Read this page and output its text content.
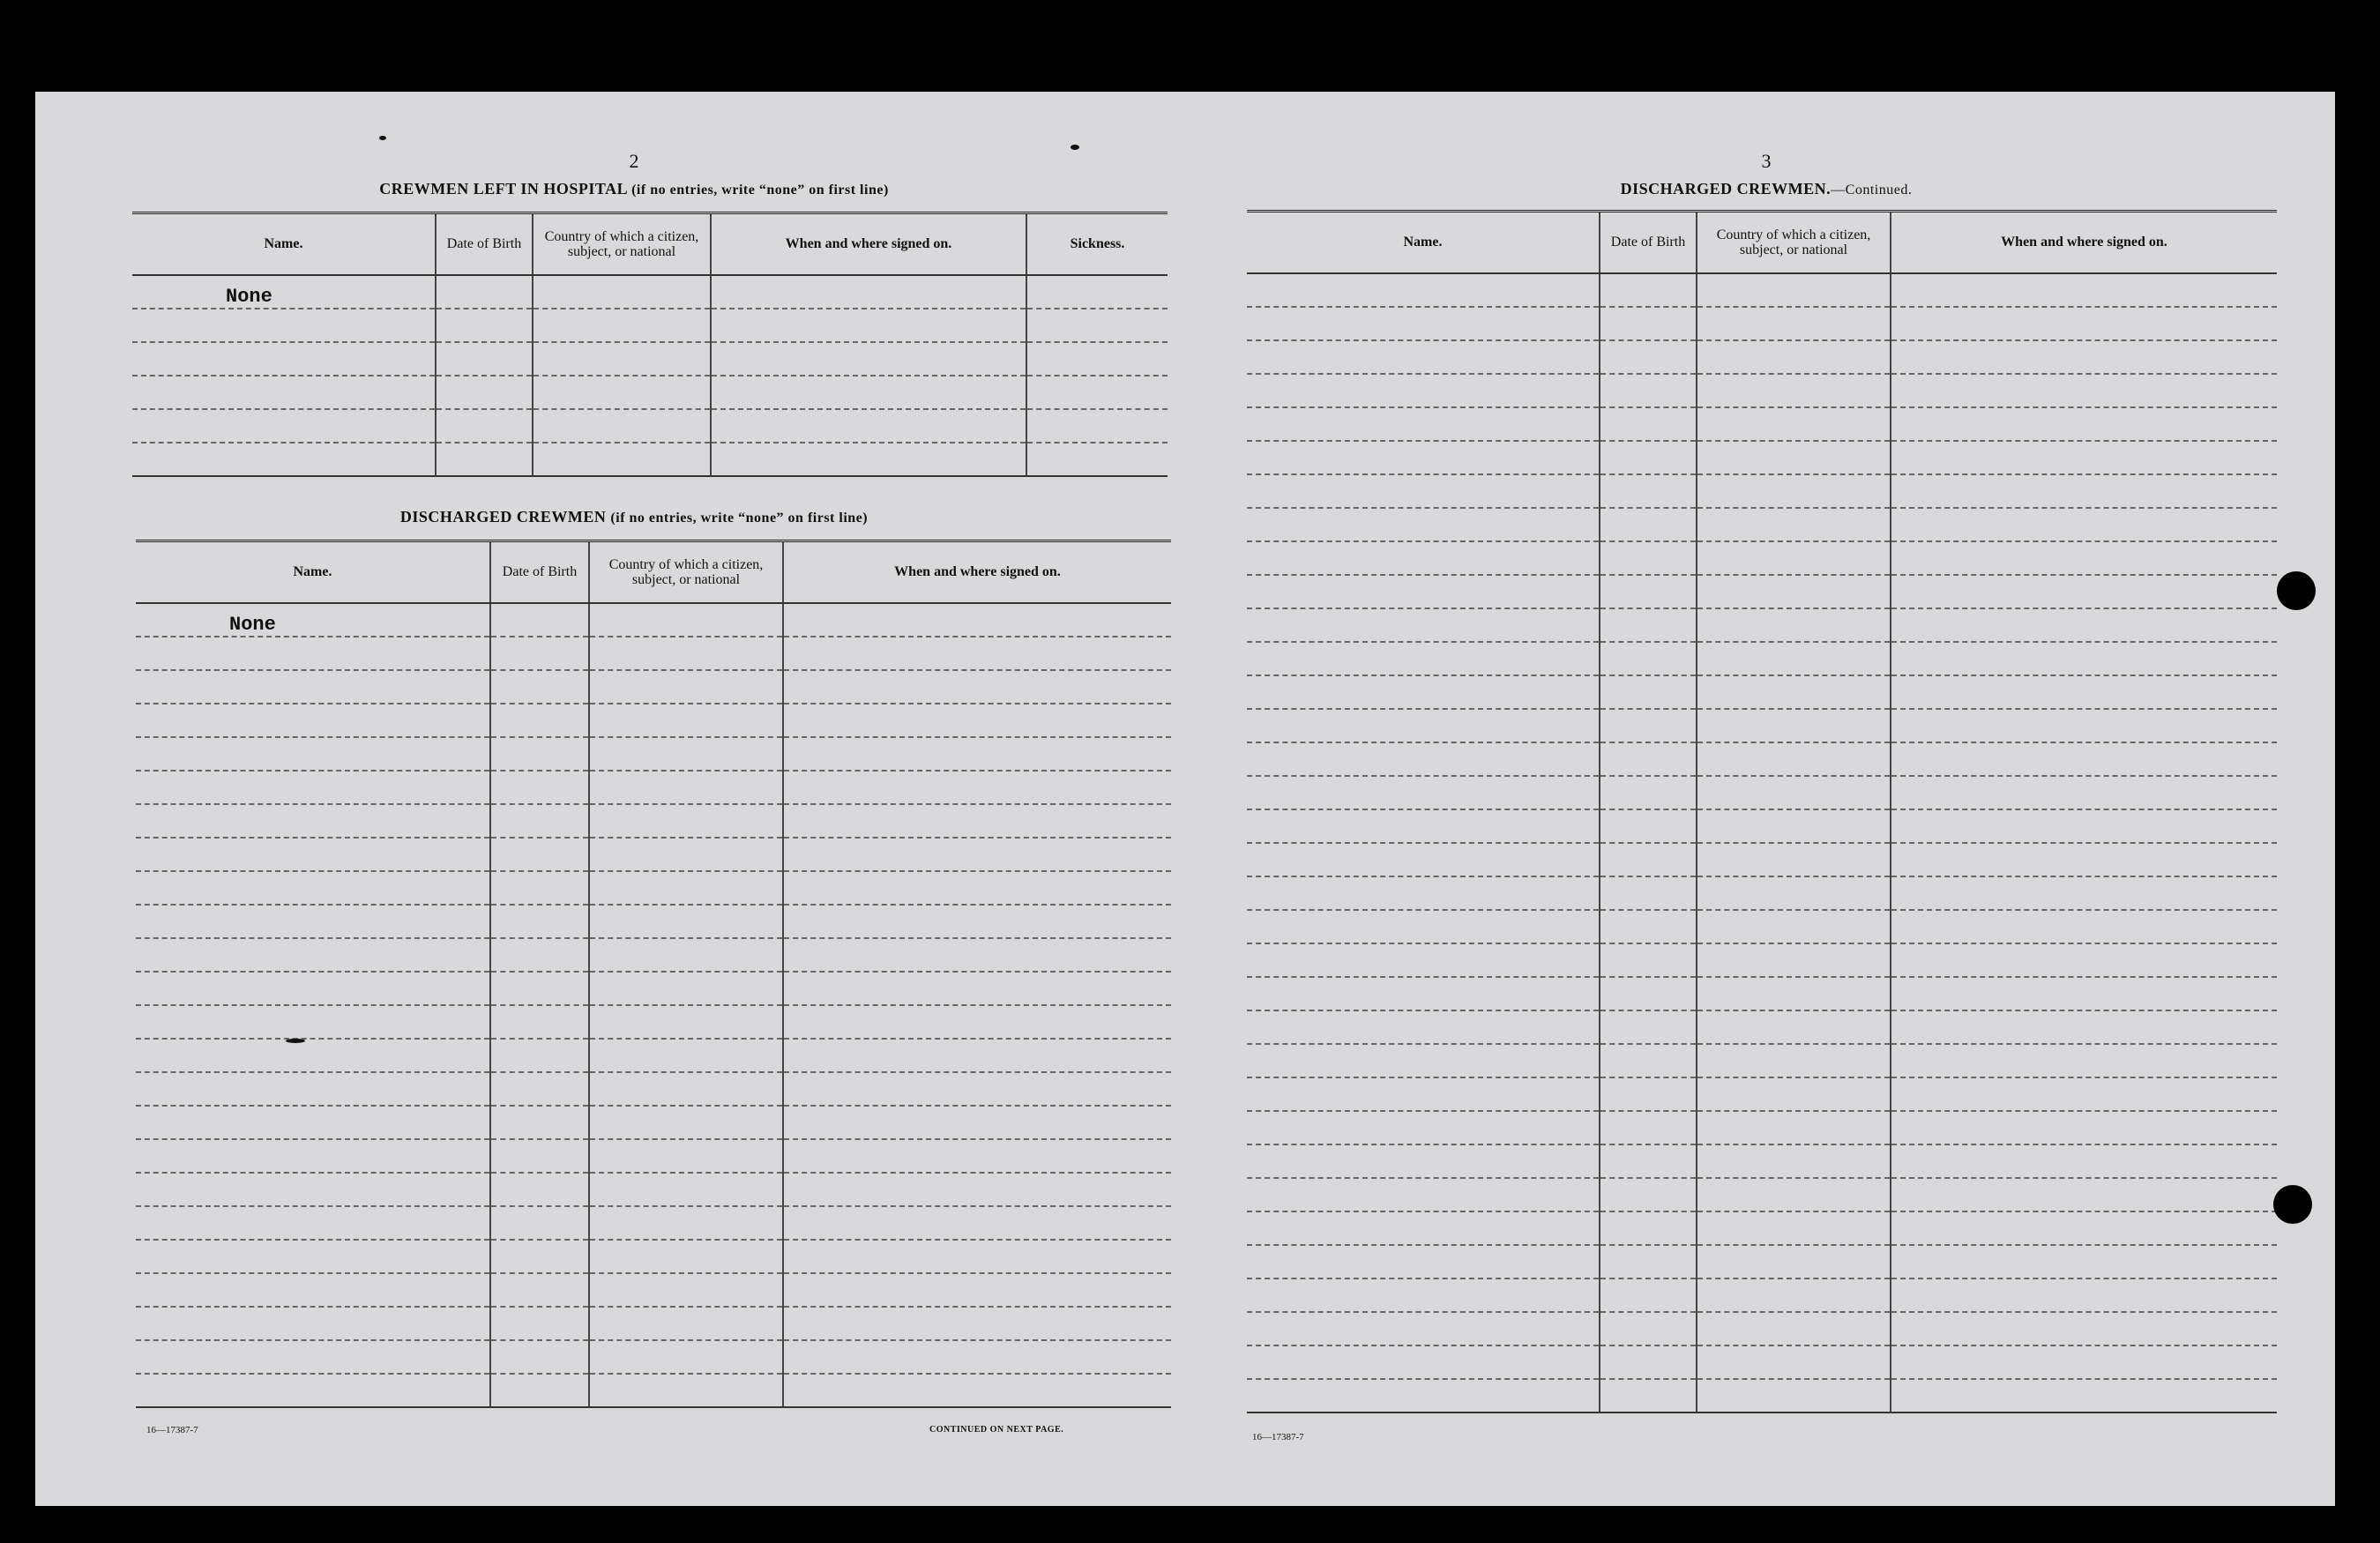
2
CREWMEN LEFT IN HOSPITAL (if no entries, write “none” on first line)
Name.	Date of Birth	Country of which a citizen, subject, or national	When and where signed on.	Sickness.
None				

DISCHARGED CREWMEN (if no entries, write “none” on first line)
Name.	Date of Birth	Country of which a citizen, subject, or national	When and where signed on.
None			

16—17387-7	CONTINUED ON NEXT PAGE.
3
DISCHARGED CREWMEN.—Continued.
Name.	Date of Birth	Country of which a citizen, subject, or national	When and where signed on.

16—17387-7
